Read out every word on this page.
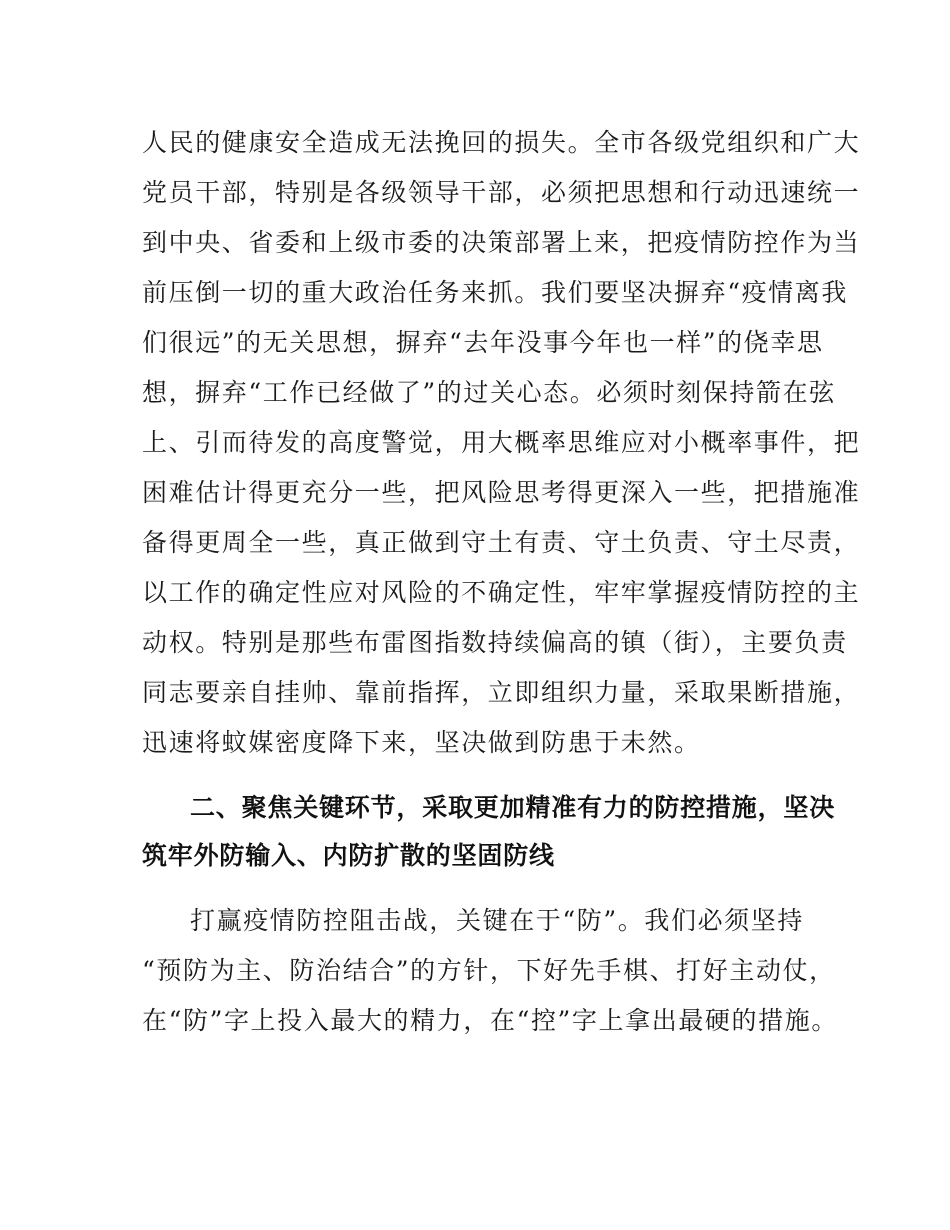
人民的健康安全造成无法挽回的损失。全市各级党组织和广大
党员干部，特别是各级领导干部，必须把思想和行动迅速统一
到中央、省委和上级市委的决策部署上来，把疫情防控作为当
前压倒一切的重大政治任务来抓。我们要坚决摒弃“疫情离我
们很远”的无关思想，摒弃“去年没事今年也一样”的侥幸思
想，摒弃“工作已经做了”的过关心态。必须时刻保持箭在弦
上、引而待发的高度警觉，用大概率思维应对小概率事件，把
困难估计得更充分一些，把风险思考得更深入一些，把措施准
备得更周全一些，真正做到守土有责、守土负责、守土尽责，
以工作的确定性应对风险的不确定性，牢牢掌握疫情防控的主
动权。特别是那些布雷图指数持续偏高的镇（街），主要负责
同志要亲自挂帅、靠前指挥，立即组织力量，采取果断措施，
迅速将蚊媒密度降下来，坚决做到防患于未然。
二、聚焦关键环节，采取更加精准有力的防控措施，坚决
筑牢外防输入、内防扩散的坚固防线
打赢疫情防控阻击战，关键在于“防”。我们必须坚持
“预防为主、防治结合”的方针，下好先手棋、打好主动仗，
在“防”字上投入最大的精力，在“控”字上拿出最硬的措施。
